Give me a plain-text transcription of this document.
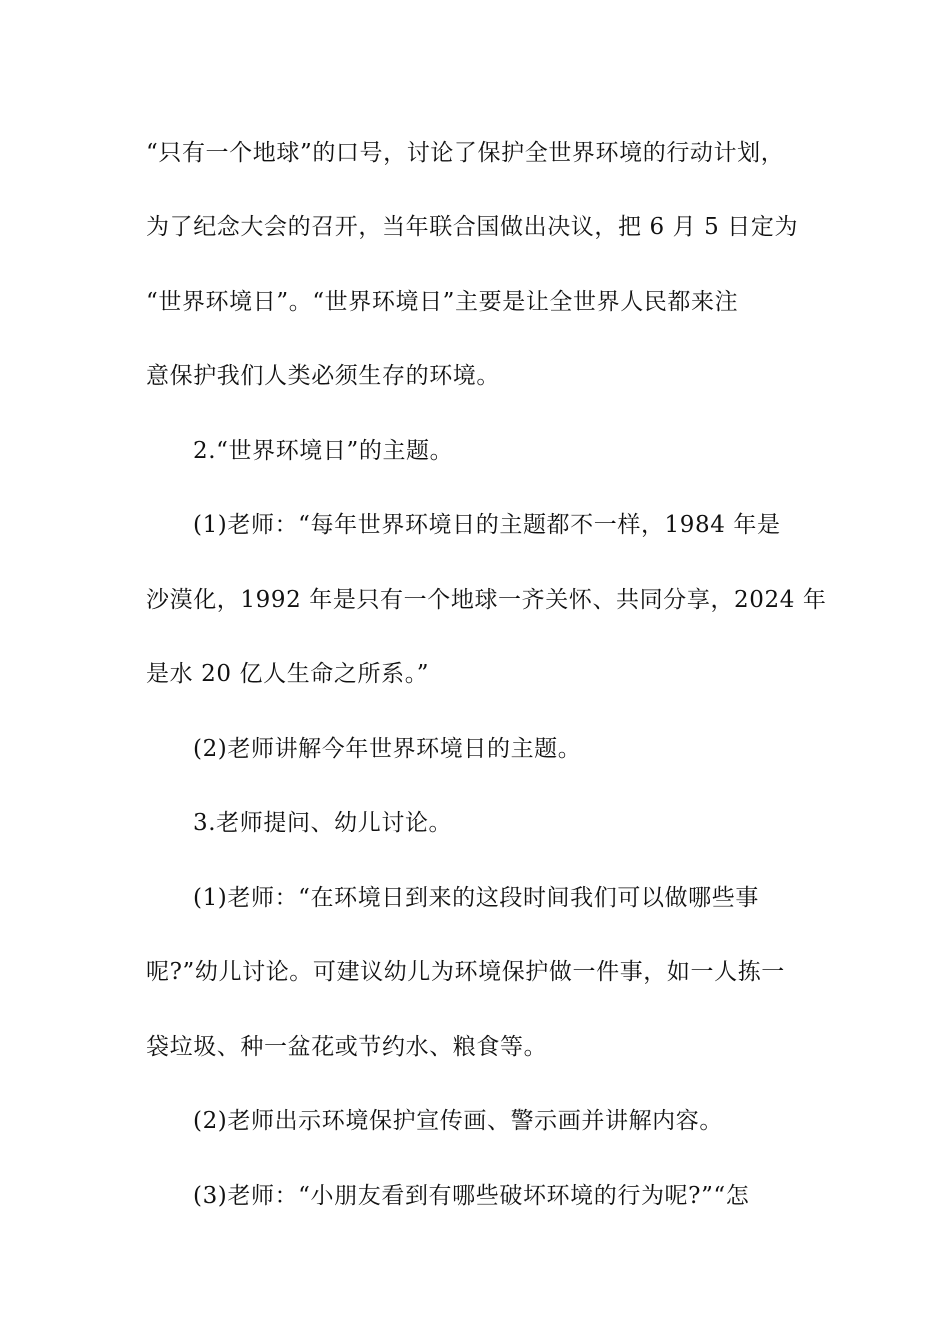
“只有一个地球”的口号，讨论了保护全世界环境的行动计划，
为了纪念大会的召开，当年联合国做出决议，把 6 月 5 日定为
“世界环境日”。“世界环境日”主要是让全世界人民都来注
意保护我们人类必须生存的环境。
2.“世界环境日”的主题。
(1)老师：“每年世界环境日的主题都不一样，1984 年是
沙漠化，1992 年是只有一个地球一齐关怀、共同分享，2024 年
是水 20 亿人生命之所系。”
(2)老师讲解今年世界环境日的主题。
3.老师提问、幼儿讨论。
(1)老师：“在环境日到来的这段时间我们可以做哪些事
呢?”幼儿讨论。可建议幼儿为环境保护做一件事，如一人拣一
袋垃圾、种一盆花或节约水、粮食等。
(2)老师出示环境保护宣传画、警示画并讲解内容。
(3)老师：“小朋友看到有哪些破坏环境的行为呢?”“怎
